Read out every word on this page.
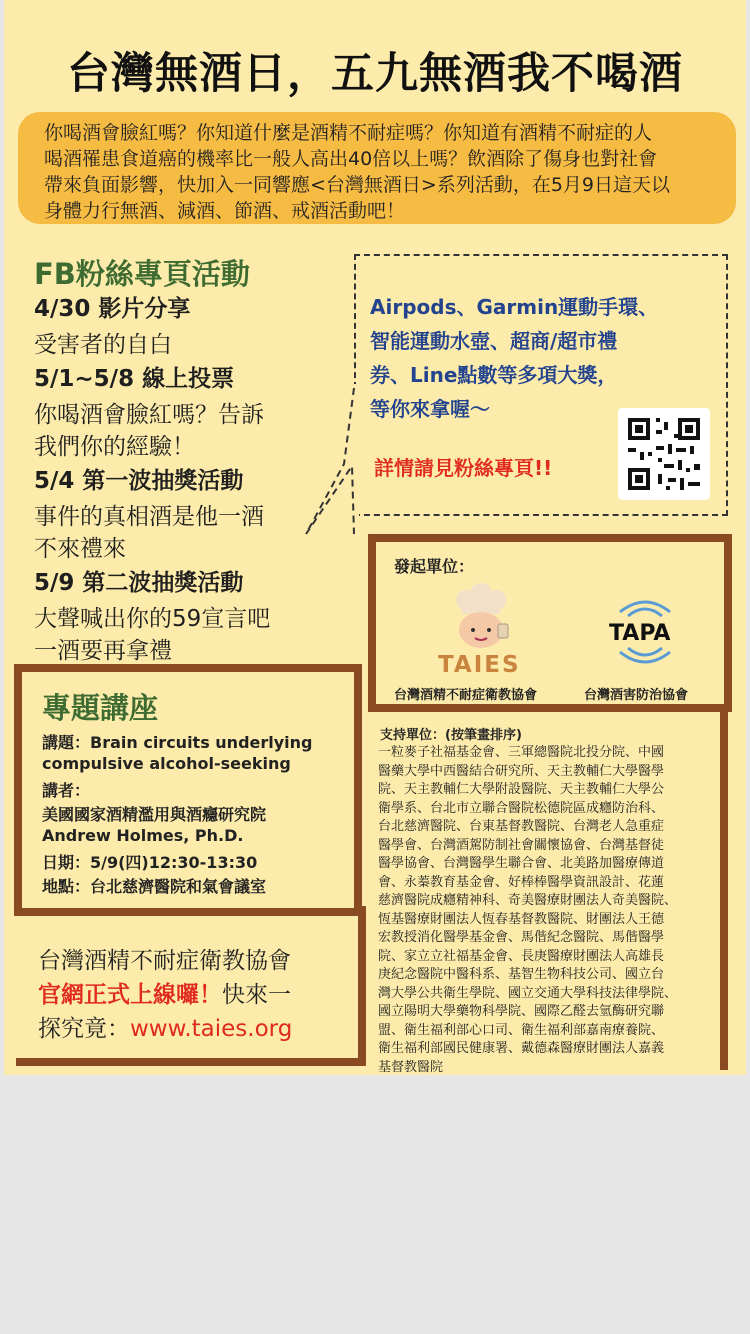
台灣無酒日，五九無酒我不喝酒
你喝酒會臉紅嗎？你知道什麼是酒精不耐症嗎？你知道有酒精不耐症的人
喝酒罹患食道癌的機率比一般人高出40倍以上嗎？飲酒除了傷身也對社會
帶來負面影響，快加入一同響應<台灣無酒日>系列活動，在5月9日這天以
身體力行無酒、減酒、節酒、戒酒活動吧！
FB粉絲專頁活動
4/30 影片分享
受害者的自白
5/1~5/8 線上投票
你喝酒會臉紅嗎？告訴
我們你的經驗！
5/4 第一波抽獎活動
事件的真相酒是他一酒
不來禮來
5/9 第二波抽獎活動
大聲喊出你的59宣言吧
一酒要再拿禮
Airpods、Garmin運動手環、
智能運動水壺、超商/超市禮
券、Line點數等多項大獎，
等你來拿喔～
詳情請見粉絲專頁!!
發起單位：
TAIES
TAPA
台灣酒精不耐症衛教協會	台灣酒害防治協會
專題講座
講題：Brain circuits underlying
compulsive alcohol-seeking
講者：
美國國家酒精濫用與酒癮研究院
Andrew Holmes, Ph.D.
日期：5/9(四)12:30-13:30
地點：台北慈濟醫院和氣會議室
台灣酒精不耐症衛教協會
官網正式上線囉！快來一
探究竟：www.taies.org
支持單位：(按筆畫排序)
一粒麥子社福基金會、三軍總醫院北投分院、中國
醫藥大學中西醫結合研究所、天主教輔仁大學醫學
院、天主教輔仁大學附設醫院、天主教輔仁大學公
衛學系、台北市立聯合醫院松德院區成癮防治科、
台北慈濟醫院、台東基督教醫院、台灣老人急重症
醫學會、台灣酒駕防制社會關懷協會、台灣基督徒
醫學協會、台灣醫學生聯合會、北美路加醫療傳道
會、永蓁教育基金會、好棒棒醫學資訊設計、花蓮
慈濟醫院成癮精神科、奇美醫療財團法人奇美醫院、
恆基醫療財團法人恆春基督教醫院、財團法人王德
宏教授消化醫學基金會、馬偕紀念醫院、馬偕醫學
院、家立立社福基金會、長庚醫療財團法人高雄長
庚紀念醫院中醫科系、基智生物科技公司、國立台
灣大學公共衛生學院、國立交通大學科技法律學院、
國立陽明大學藥物科學院、國際乙醛去氫酶研究聯
盟、衛生福利部心口司、衛生福利部嘉南療養院、
衛生福利部國民健康署、戴德森醫療財團法人嘉義
基督教醫院
